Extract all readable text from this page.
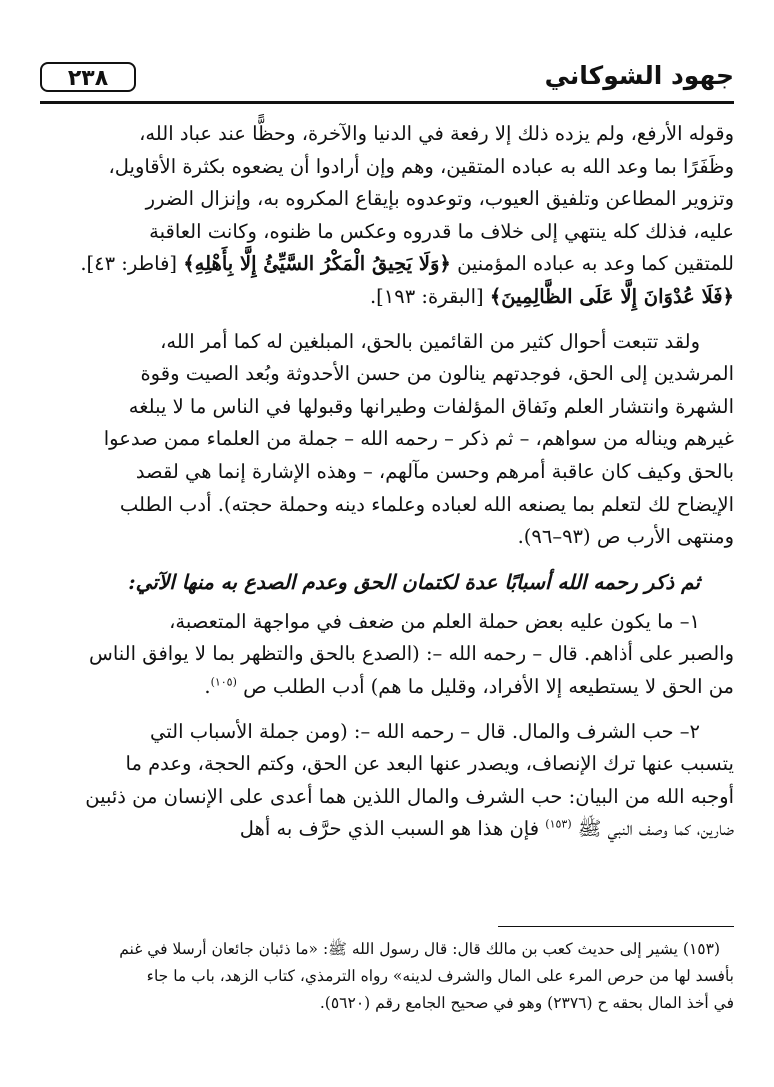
جهود الشوكاني
٢٣٨

وقوله الأرفع، ولم يزده ذلك إلا رفعة في الدنيا والآخرة، وحظًّا عند عباد الله،

وظَفَرًا بما وعد الله به عباده المتقين، وهم وإن أرادوا أن يضعوه بكثرة الأقاويل،

وتزوير المطاعن وتلفيق العيوب، وتوعدوه بإيقاع المكروه به، وإنزال الضرر

عليه، فذلك كله ينتهي إلى خلاف ما قدروه وعكس ما ظنوه، وكانت العاقبة

للمتقين كما وعد به عباده المؤمنين ﴿وَلَا يَحِيقُ الْمَكْرُ السَّيِّئُ إِلَّا بِأَهْلِهِ﴾ [فاطر: ٤٣].

﴿فَلَا عُدْوَانَ إِلَّا عَلَى الظَّالِمِينَ﴾ [البقرة: ١٩٣].

ولقد تتبعت أحوال كثير من القائمين بالحق، المبلغين له كما أمر الله،

المرشدين إلى الحق، فوجدتهم ينالون من حسن الأحدوثة وبُعد الصيت وقوة

الشهرة وانتشار العلم ونَفاق المؤلفات وطيرانها وقبولها في الناس ما لا يبلغه

غيرهم ويناله من سواهم، – ثم ذكر – رحمه الله – جملة من العلماء ممن صدعوا

بالحق وكيف كان عاقبة أمرهم وحسن مآلهم، – وهذه الإشارة إنما هي لقصد

الإيضاح لك لتعلم بما يصنعه الله لعباده وعلماء دينه وحملة حجته). أدب الطلب

ومنتهى الأرب ص (٩٣–٩٦).

ثم ذكر رحمه الله أسبابًا عدة لكتمان الحق وعدم الصدع به منها الآتي:

١– ما يكون عليه بعض حملة العلم من ضعف في مواجهة المتعصبة،

والصبر على أذاهم. قال – رحمه الله –: (الصدع بالحق والتظهر بما لا يوافق الناس

من الحق لا يستطيعه إلا الأفراد، وقليل ما هم) أدب الطلب ص $^{(١٠٥)}$.

٢– حب الشرف والمال. قال – رحمه الله –: (ومن جملة الأسباب التي

يتسبب عنها ترك الإنصاف، ويصدر عنها البعد عن الحق، وكتم الحجة، وعدم ما

أوجبه الله من البيان: حب الشرف والمال اللذين هما أعدى على الإنسان من ذئبين

ضارين، كما وصف النبي ﷺ $^{(١٥٣)}$ فإن هذا هو السبب الذي حرَّف به أهل

(١٥٣) يشير إلى حديث كعب بن مالك قال: قال رسول الله ﷺ: «ما ذئبان جائعان أرسلا في غنم

بأفسد لها من حرص المرء على المال والشرف لدينه» رواه الترمذي، كتاب الزهد، باب ما جاء

في أخذ المال بحقه ح (٢٣٧٦) وهو في صحيح الجامع رقم (٥٦٢٠).
